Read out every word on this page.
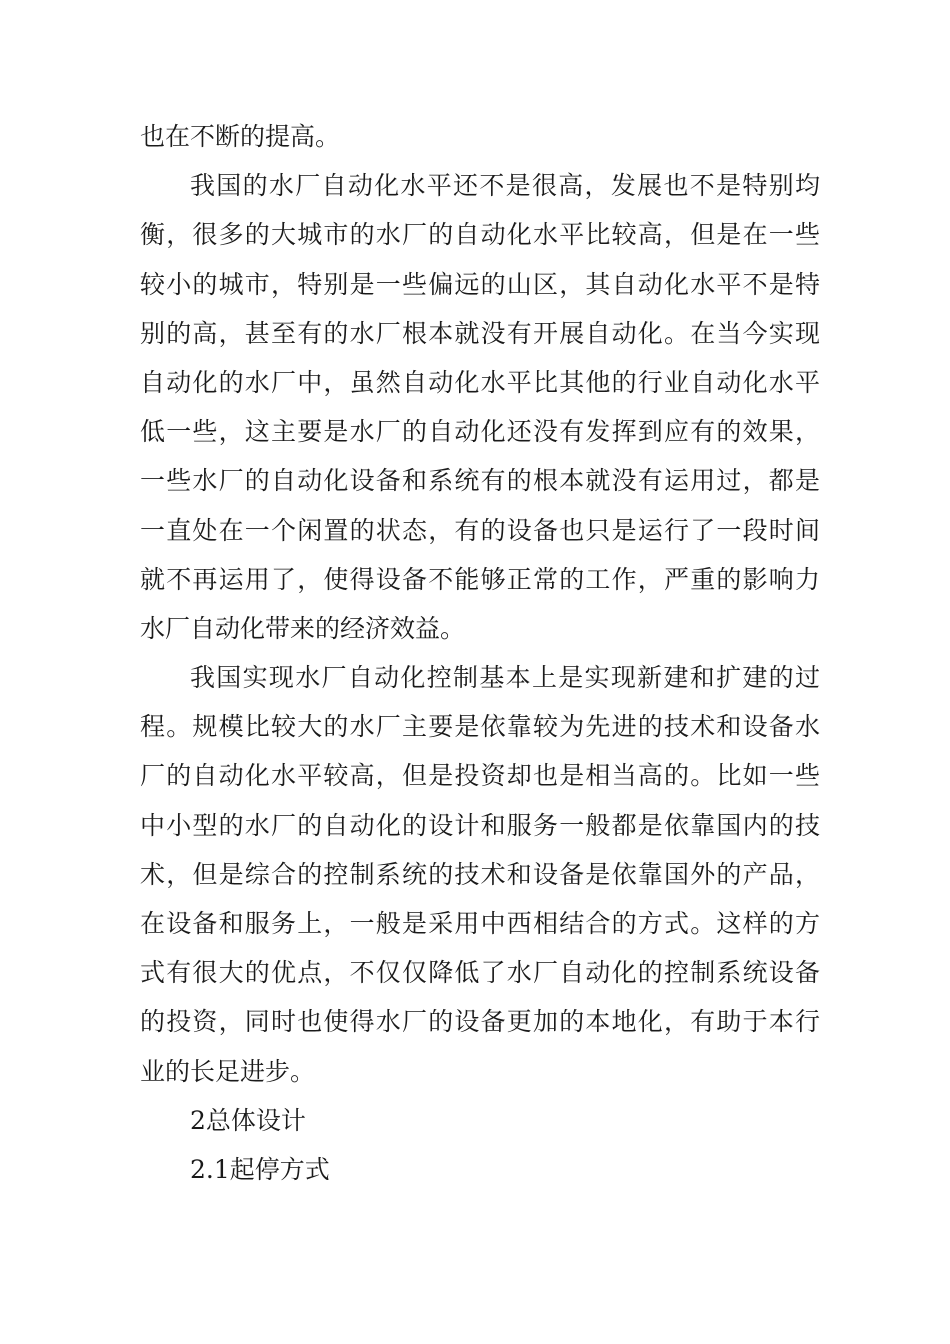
也在不断的提高。

我国的水厂自动化水平还不是很高，发展也不是特别均

衡，很多的大城市的水厂的自动化水平比较高，但是在一些

较小的城市，特别是一些偏远的山区，其自动化水平不是特

别的高，甚至有的水厂根本就没有开展自动化。在当今实现

自动化的水厂中，虽然自动化水平比其他的行业自动化水平

低一些，这主要是水厂的自动化还没有发挥到应有的效果，

一些水厂的自动化设备和系统有的根本就没有运用过，都是

一直处在一个闲置的状态，有的设备也只是运行了一段时间

就不再运用了，使得设备不能够正常的工作，严重的影响力

水厂自动化带来的经济效益。

我国实现水厂自动化控制基本上是实现新建和扩建的过

程。规模比较大的水厂主要是依靠较为先进的技术和设备水

厂的自动化水平较高，但是投资却也是相当高的。比如一些

中小型的水厂的自动化的设计和服务一般都是依靠国内的技

术，但是综合的控制系统的技术和设备是依靠国外的产品，

在设备和服务上，一般是采用中西相结合的方式。这样的方

式有很大的优点，不仅仅降低了水厂自动化的控制系统设备

的投资，同时也使得水厂的设备更加的本地化，有助于本行

业的长足进步。

2总体设计

2.1起停方式
